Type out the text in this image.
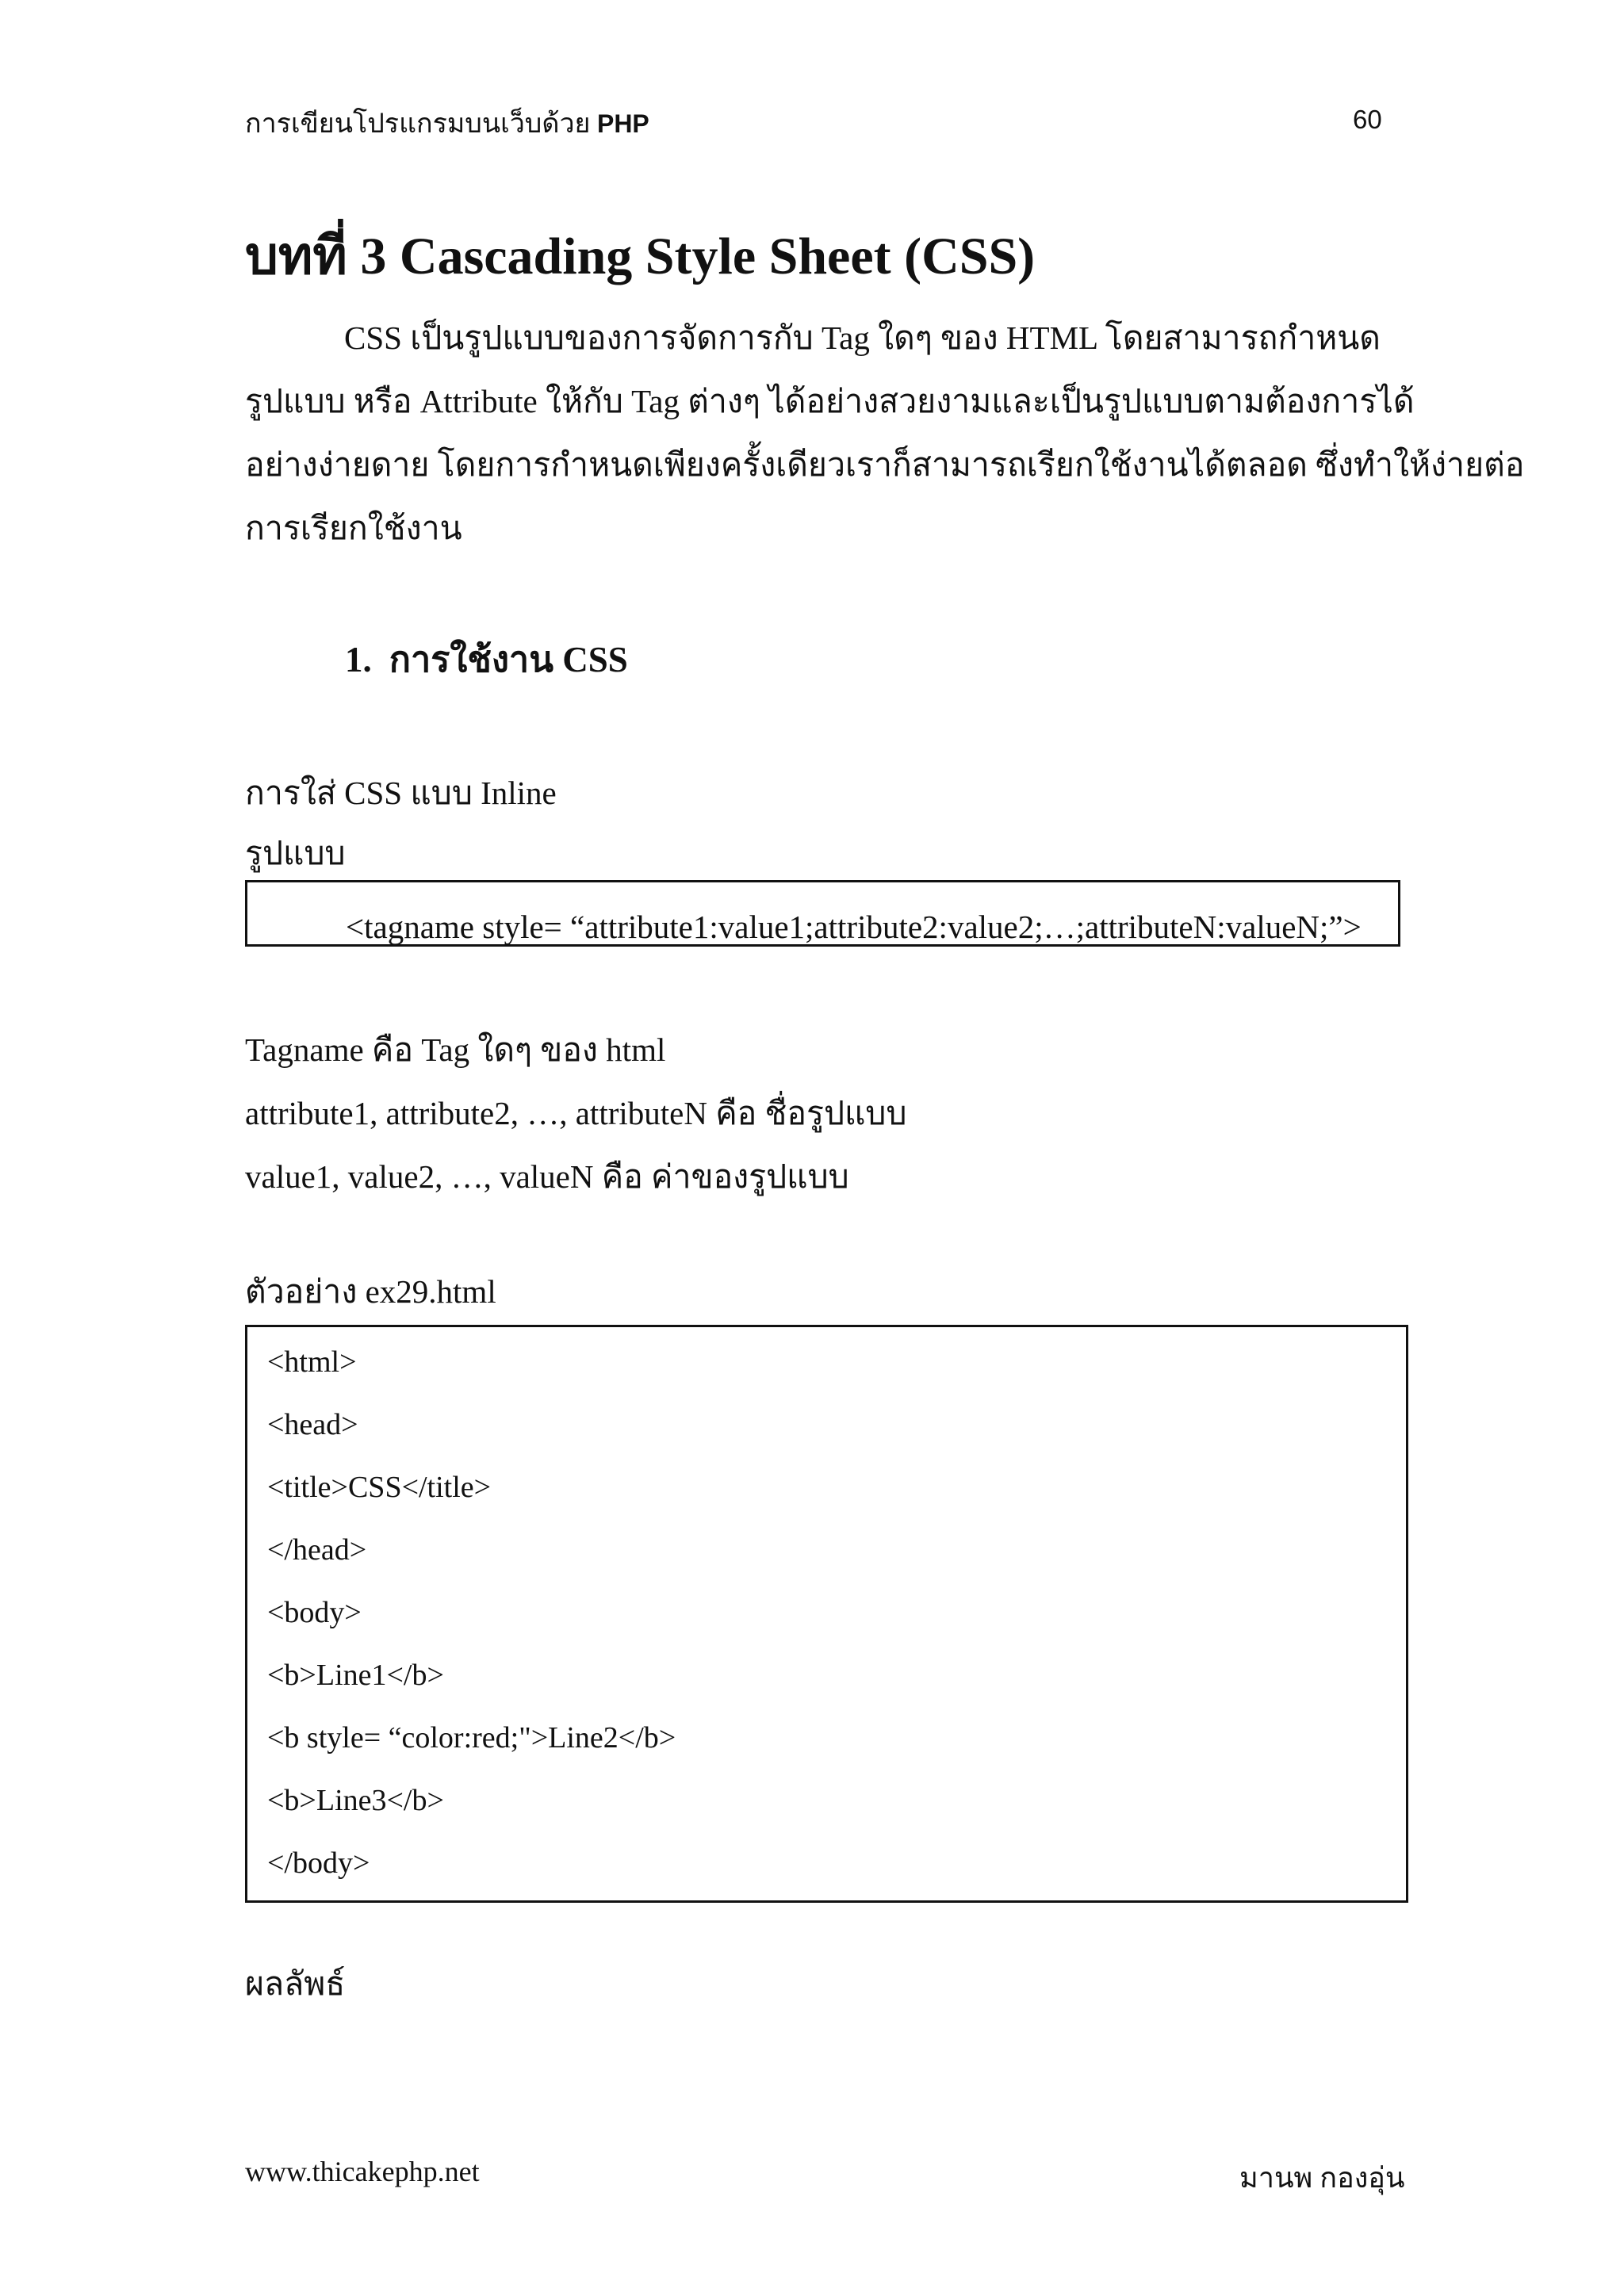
การเขียนโปรแกรมบนเว็บด้วย PHP	60
บทที่ 3 Cascading Style Sheet (CSS)

CSS เป็นรูปแบบของการจัดการกับ Tag ใดๆ ของ HTML โดยสามารถกำหนด

รูปแบบ หรือ Attribute ให้กับ Tag ต่างๆ ได้อย่างสวยงามและเป็นรูปแบบตามต้องการได้

อย่างง่ายดาย โดยการกำหนดเพียงครั้งเดียวเราก็สามารถเรียกใช้งานได้ตลอด ซึ่งทำให้ง่ายต่อ

การเรียกใช้งาน

1. การใช้งาน CSS
การใส่ CSS แบบ Inline
รูปแบบ
<tagname style= “attribute1:value1;attribute2:value2;…;attributeN:valueN;”>
Tagname คือ Tag ใดๆ ของ html
attribute1, attribute2, …, attributeN คือ ชื่อรูปแบบ
value1, value2, …, valueN คือ ค่าของรูปแบบ
ตัวอย่าง ex29.html
<html>
<head>
<title>CSS</title>
</head>
<body>
<b>Line1</b>
<b style= “color:red;">Line2</b>
<b>Line3</b>
</body>
ผลลัพธ์
www.thicakephp.net	มานพ กองอุ่น
